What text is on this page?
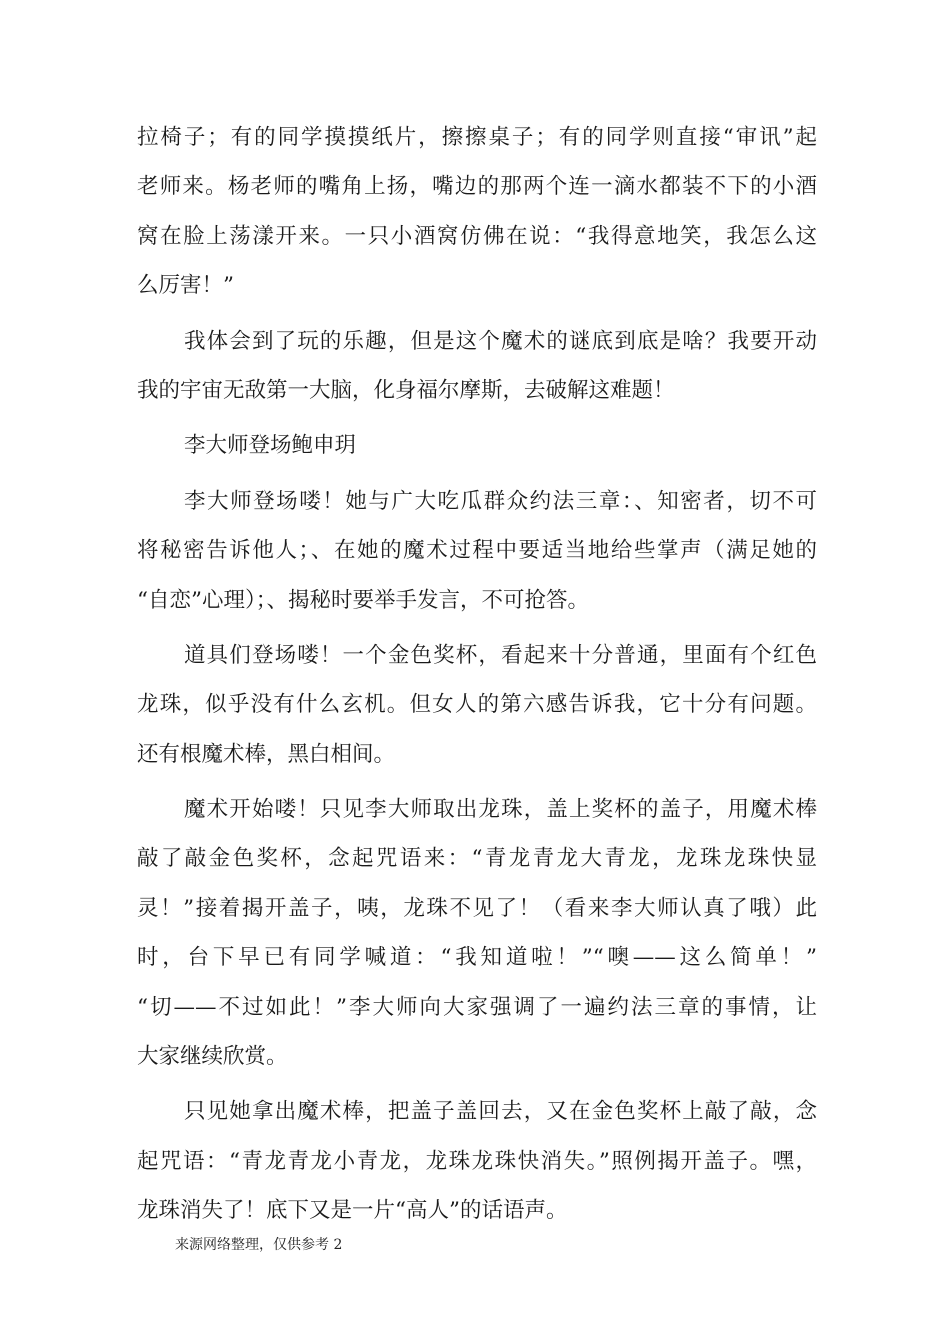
拉椅子；有的同学摸摸纸片，擦擦桌子；有的同学则直接“审讯”起
老师来。杨老师的嘴角上扬，嘴边的那两个连一滴水都装不下的小酒
窝在脸上荡漾开来。一只小酒窝仿佛在说：“我得意地笑，我怎么这
么厉害！”
我体会到了玩的乐趣，但是这个魔术的谜底到底是啥？我要开动
我的宇宙无敌第一大脑，化身福尔摩斯，去破解这难题！
李大师登场鲍申玥
李大师登场喽！她与广大吃瓜群众约法三章：、知密者，切不可
将秘密告诉他人；、在她的魔术过程中要适当地给些掌声（满足她的
“自恋”心理）；、揭秘时要举手发言，不可抢答。
道具们登场喽！一个金色奖杯，看起来十分普通，里面有个红色
龙珠，似乎没有什么玄机。但女人的第六感告诉我，它十分有问题。
还有根魔术棒，黑白相间。
魔术开始喽！只见李大师取出龙珠，盖上奖杯的盖子，用魔术棒
敲了敲金色奖杯，念起咒语来：“青龙青龙大青龙，龙珠龙珠快显
灵！”接着揭开盖子，咦，龙珠不见了！（看来李大师认真了哦）此
时，台下早已有同学喊道：“我知道啦！”“噢——这么简单！”
“切——不过如此！”李大师向大家强调了一遍约法三章的事情，让
大家继续欣赏。
只见她拿出魔术棒，把盖子盖回去，又在金色奖杯上敲了敲，念
起咒语：“青龙青龙小青龙，龙珠龙珠快消失。”照例揭开盖子。嘿，
龙珠消失了！底下又是一片“高人”的话语声。
来源网络整理，仅供参考 2
